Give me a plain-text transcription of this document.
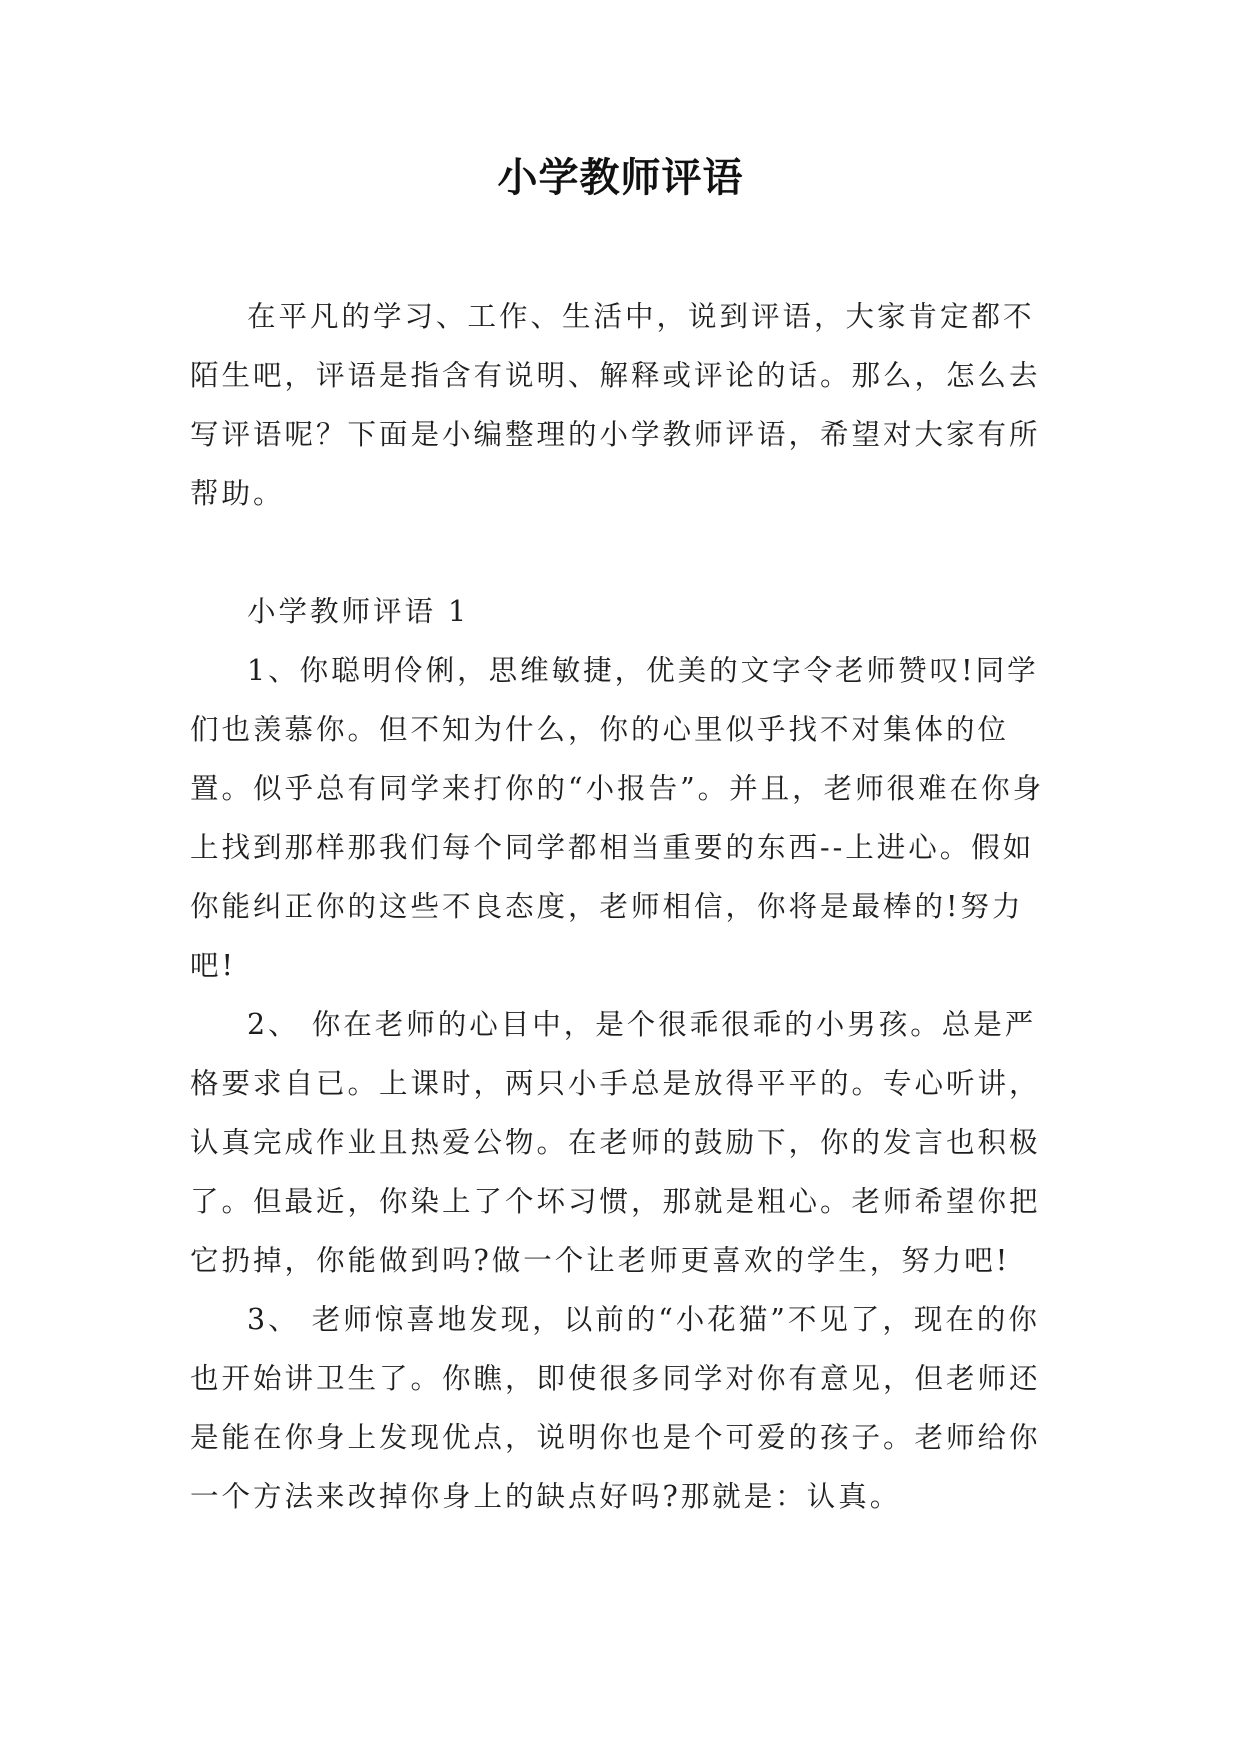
小学教师评语

在平凡的学习、工作、生活中，说到评语，大家肯定都不陌生吧，评语是指含有说明、解释或评论的话。那么，怎么去写评语呢？下面是小编整理的小学教师评语，希望对大家有所帮助。

小学教师评语 1

1、你聪明伶俐，思维敏捷，优美的文字令老师赞叹!同学们也羡慕你。但不知为什么，你的心里似乎找不对集体的位置。似乎总有同学来打你的“小报告”。并且，老师很难在你身上找到那样那我们每个同学都相当重要的东西--上进心。假如你能纠正你的这些不良态度，老师相信，你将是最棒的!努力吧!

2、 你在老师的心目中，是个很乖很乖的小男孩。总是严格要求自已。上课时，两只小手总是放得平平的。专心听讲，认真完成作业且热爱公物。在老师的鼓励下，你的发言也积极了。但最近，你染上了个坏习惯，那就是粗心。老师希望你把它扔掉，你能做到吗?做一个让老师更喜欢的学生，努力吧!

3、 老师惊喜地发现，以前的“小花猫”不见了，现在的你也开始讲卫生了。你瞧，即使很多同学对你有意见，但老师还是能在你身上发现优点，说明你也是个可爱的孩子。老师给你一个方法来改掉你身上的缺点好吗?那就是：认真。
